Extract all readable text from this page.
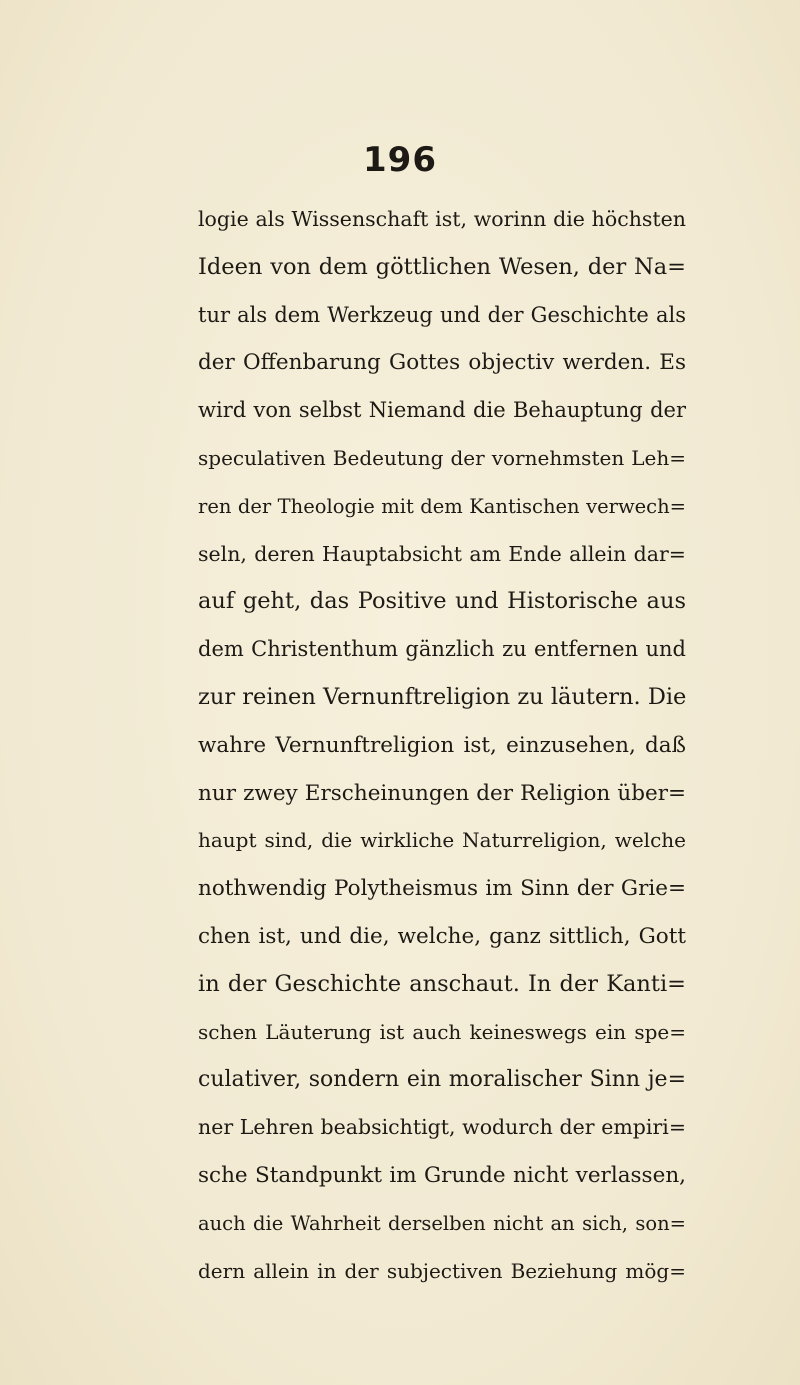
196
logie als Wissenschaft ist, worinn die höchsten
Ideen von dem göttlichen Wesen, der Na=
tur als dem Werkzeug und der Geschichte als
der Offenbarung Gottes objectiv werden. Es
wird von selbst Niemand die Behauptung der
speculativen Bedeutung der vornehmsten Leh=
ren der Theologie mit dem Kantischen verwech=
seln, deren Hauptabsicht am Ende allein dar=
auf geht, das Positive und Historische aus
dem Christenthum gänzlich zu entfernen und
zur reinen Vernunftreligion zu läutern. Die
wahre Vernunftreligion ist, einzusehen, daß
nur zwey Erscheinungen der Religion über=
haupt sind, die wirkliche Naturreligion, welche
nothwendig Polytheismus im Sinn der Grie=
chen ist, und die, welche, ganz sittlich, Gott
in der Geschichte anschaut. In der Kanti=
schen Läuterung ist auch keineswegs ein spe=
culativer, sondern ein moralischer Sinn je=
ner Lehren beabsichtigt, wodurch der empiri=
sche Standpunkt im Grunde nicht verlassen,
auch die Wahrheit derselben nicht an sich, son=
dern allein in der subjectiven Beziehung mög=
